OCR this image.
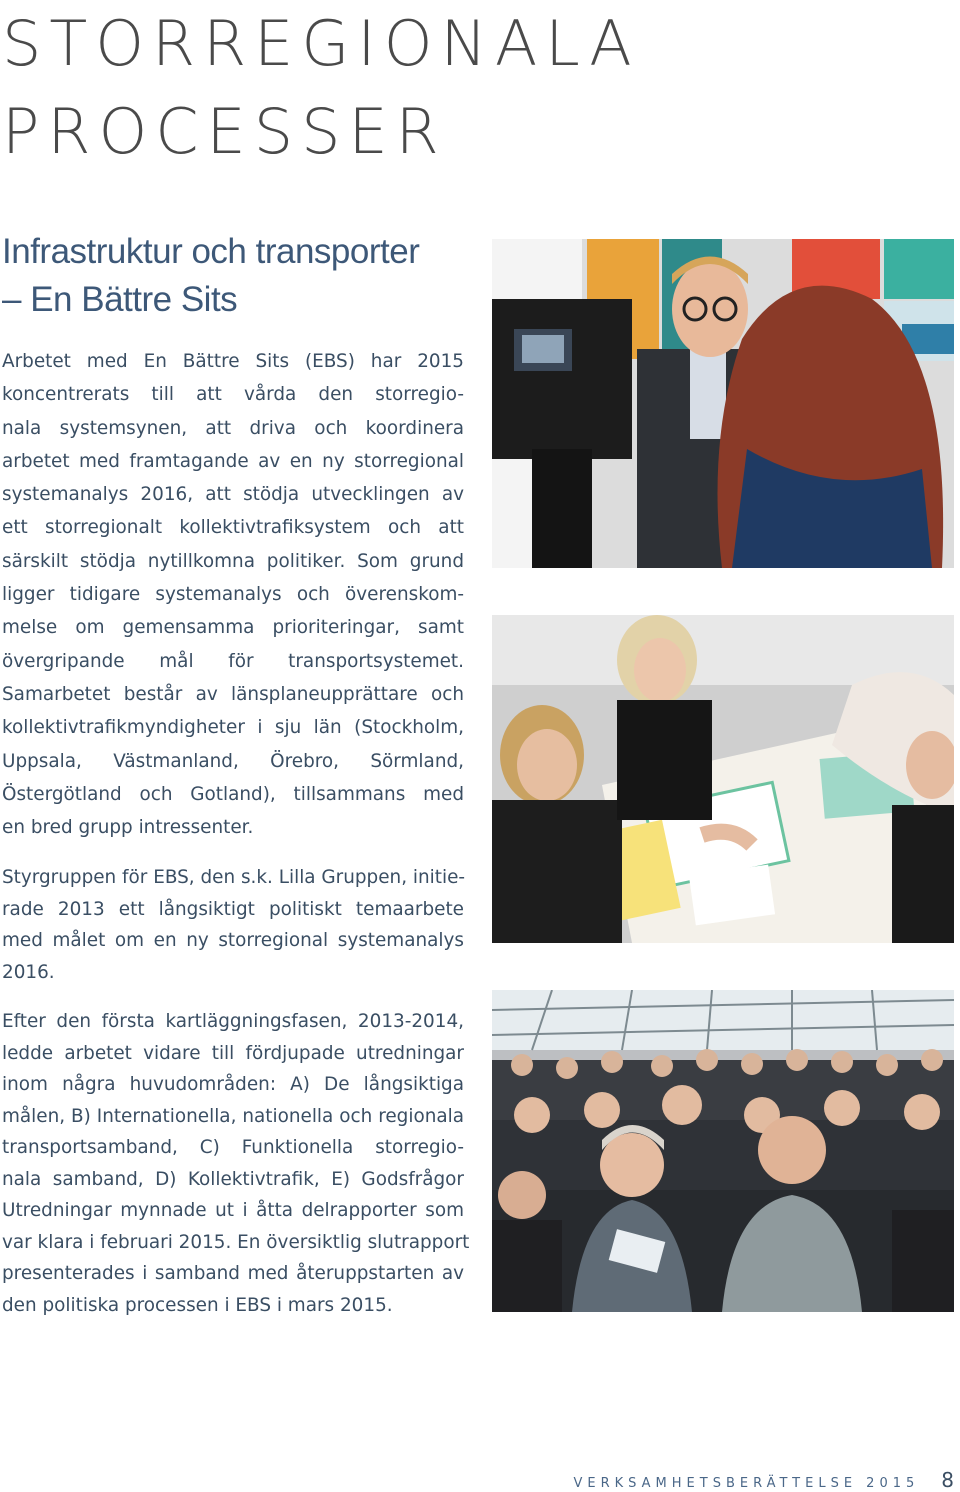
STORREGIONALA
PROCESSER
Infrastruktur och transporter
– En Bättre Sits
Arbetet med En Bättre Sits (EBS) har 2015
koncentrerats till att vårda den storregio-
nala systemsynen, att driva och koordinera
arbetet med framtagande av en ny storregional
systemanalys 2016, att stödja utvecklingen av
ett storregionalt kollektivtrafiksystem och att
särskilt stödja nytillkomna politiker. Som grund
ligger tidigare systemanalys och överenskom-
melse om gemensamma prioriteringar, samt
övergripande mål för transportsystemet.
Samarbetet består av länsplaneupprättare och
kollektivtrafikmyndigheter i sju län (Stockholm,
Uppsala, Västmanland, Örebro, Sörmland,
Östergötland och Gotland), tillsammans med
en bred grupp intressenter.
Styrgruppen för EBS, den s.k. Lilla Gruppen, initie-
rade 2013 ett långsiktigt politiskt temaarbete
med målet om en ny storregional systemanalys
2016.
Efter den första kartläggningsfasen, 2013-2014,
ledde arbetet vidare till fördjupade utredningar
inom några huvudområden: A) De långsiktiga
målen, B) Internationella, nationella och regionala
transportsamband, C) Funktionella storregio-
nala samband, D) Kollektivtrafik, E) Godsfrågor
Utredningar mynnade ut i åtta delrapporter som
var klara i februari 2015. En översiktlig slutrapport
presenterades i samband med återuppstarten av
den politiska processen i EBS i mars 2015.
VERKSAMHETSBERÄTTELSE 2015 8
